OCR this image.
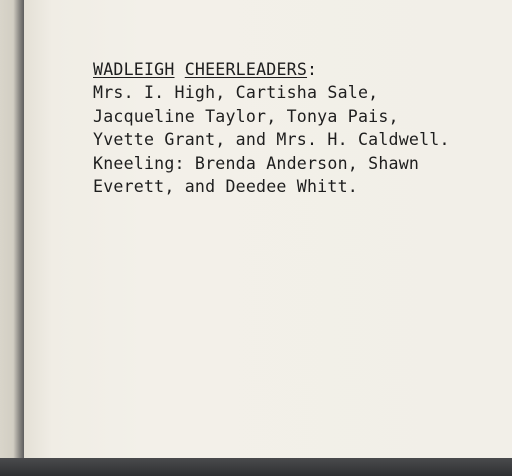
WADLEIGH CHEERLEADERS:
Mrs. I. High, Cartisha Sale,
Jacqueline Taylor, Tonya Pais,
Yvette Grant, and Mrs. H. Caldwell.
Kneeling: Brenda Anderson, Shawn
Everett, and Deedee Whitt.
